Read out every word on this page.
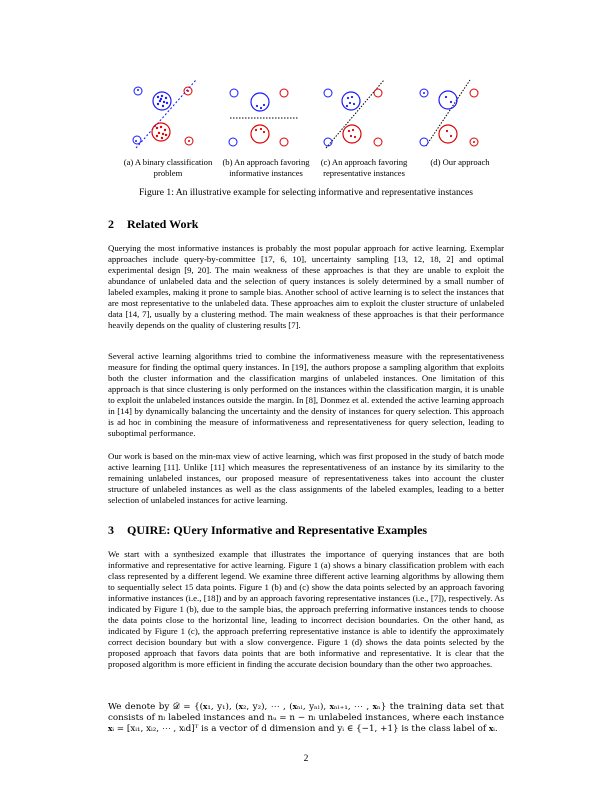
(a) A binary classification problem
(b) An approach favoring informative instances
(c) An approach favoring representative instances
(d) Our approach
Figure 1: An illustrative example for selecting informative and representative instances
2 Related Work
Querying the most informative instances is probably the most popular approach for active learning. Exemplar approaches include query-by-committee [17, 6, 10], uncertainty sampling [13, 12, 18, 2] and optimal experimental design [9, 20]. The main weakness of these approaches is that they are unable to exploit the abundance of unlabeled data and the selection of query instances is solely determined by a small number of labeled examples, making it prone to sample bias. Another school of active learning is to select the instances that are most representative to the unlabeled data. These approaches aim to exploit the cluster structure of unlabeled data [14, 7], usually by a clustering method. The main weakness of these approaches is that their performance heavily depends on the quality of clustering results [7].
Several active learning algorithms tried to combine the informativeness measure with the representativeness measure for finding the optimal query instances. In [19], the authors propose a sampling algorithm that exploits both the cluster information and the classification margins of unlabeled instances. One limitation of this approach is that since clustering is only performed on the instances within the classification margin, it is unable to exploit the unlabeled instances outside the margin. In [8], Donmez et al. extended the active learning approach in [14] by dynamically balancing the uncertainty and the density of instances for query selection. This approach is ad hoc in combining the measure of informativeness and representativeness for query selection, leading to suboptimal performance.
Our work is based on the min-max view of active learning, which was first proposed in the study of batch mode active learning [11]. Unlike [11] which measures the representativeness of an instance by its similarity to the remaining unlabeled instances, our proposed measure of representativeness takes into account the cluster structure of unlabeled instances as well as the class assignments of the labeled examples, leading to a better selection of unlabeled instances for active learning.
3 QUIRE: QUery Informative and Representative Examples
We start with a synthesized example that illustrates the importance of querying instances that are both informative and representative for active learning. Figure 1 (a) shows a binary classification problem with each class represented by a different legend. We examine three different active learning algorithms by allowing them to sequentially select 15 data points. Figure 1 (b) and (c) show the data points selected by an approach favoring informative instances (i.e., [18]) and by an approach favoring representative instances (i.e., [7]), respectively. As indicated by Figure 1 (b), due to the sample bias, the approach preferring informative instances tends to choose the data points close to the horizontal line, leading to incorrect decision boundaries. On the other hand, as indicated by Figure 1 (c), the approach preferring representative instance is able to identify the approximately correct decision boundary but with a slow convergence. Figure 1 (d) shows the data points selected by the proposed approach that favors data points that are both informative and representative. It is clear that the proposed algorithm is more efficient in finding the accurate decision boundary than the other two approaches.
We denote by 𝒟 = {(𝐱₁, y₁), (𝐱₂, y₂), ⋯ , (𝐱ₙₗ, yₙₗ), 𝐱ₙₗ₊₁, ⋯ , 𝐱ₙ} the training data set that consists of nₗ labeled instances and nᵤ = n − nₗ unlabeled instances, where each instance 𝐱ᵢ = [xᵢ₁, xᵢ₂, ⋯ , xᵢd]ᵀ is a vector of d dimension and yᵢ ∈ {−1, +1} is the class label of 𝐱ᵢ.
2
